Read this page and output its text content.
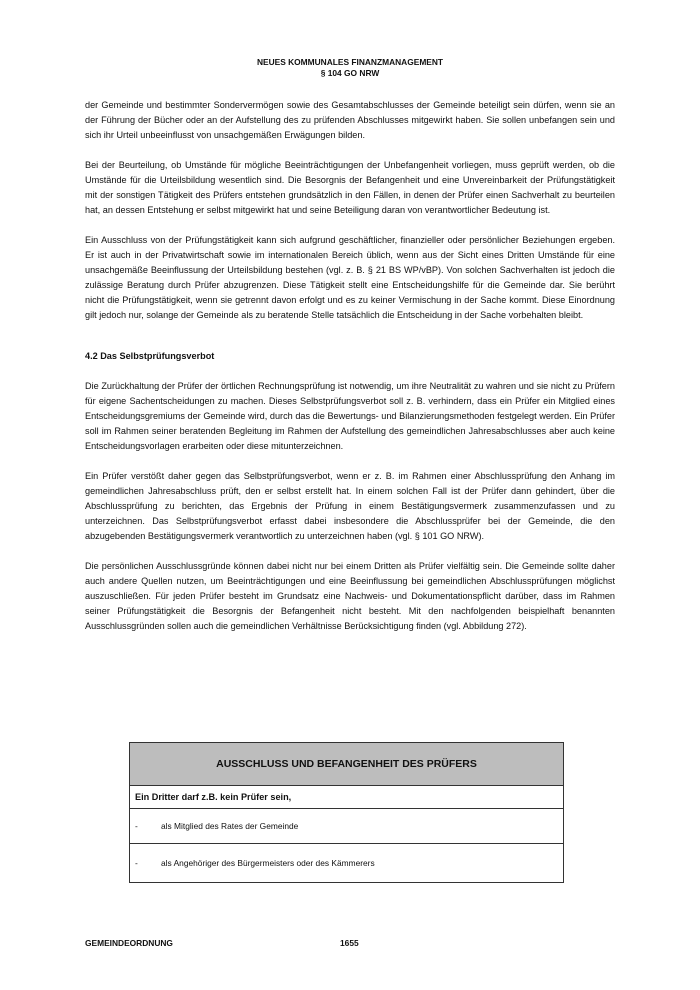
NEUES KOMMUNALES FINANZMANAGEMENT
§ 104 GO NRW

der Gemeinde und bestimmter Sondervermögen sowie des Gesamtabschlusses der Gemeinde beteiligt sein dürfen, wenn sie an der Führung der Bücher oder an der Aufstellung des zu prüfenden Abschlusses mitgewirkt haben. Sie sollen unbefangen sein und sich ihr Urteil unbeeinflusst von unsachgemäßen Erwägungen bilden.

Bei der Beurteilung, ob Umstände für mögliche Beeinträchtigungen der Unbefangenheit vorliegen, muss geprüft werden, ob die Umstände für die Urteilsbildung wesentlich sind. Die Besorgnis der Befangenheit und eine Unvereinbarkeit der Prüfungstätigkeit mit der sonstigen Tätigkeit des Prüfers entstehen grundsätzlich in den Fällen, in denen der Prüfer einen Sachverhalt zu beurteilen hat, an dessen Entstehung er selbst mitgewirkt hat und seine Beteiligung daran von verantwortlicher Bedeutung ist.

Ein Ausschluss von der Prüfungstätigkeit kann sich aufgrund geschäftlicher, finanzieller oder persönlicher Beziehungen ergeben. Er ist auch in der Privatwirtschaft sowie im internationalen Bereich üblich, wenn aus der Sicht eines Dritten Umstände für eine unsachgemäße Beeinflussung der Urteilsbildung bestehen (vgl. z. B. § 21 BS WP/vBP). Von solchen Sachverhalten ist jedoch die zulässige Beratung durch Prüfer abzugrenzen. Diese Tätigkeit stellt eine Entscheidungshilfe für die Gemeinde dar. Sie berührt nicht die Prüfungstätigkeit, wenn sie getrennt davon erfolgt und es zu keiner Vermischung in der Sache kommt. Diese Einordnung gilt jedoch nur, solange der Gemeinde als zu beratende Stelle tatsächlich die Entscheidung in der Sache vorbehalten bleibt.

4.2 Das Selbstprüfungsverbot

Die Zurückhaltung der Prüfer der örtlichen Rechnungsprüfung ist notwendig, um ihre Neutralität zu wahren und sie nicht zu Prüfern für eigene Sachentscheidungen zu machen. Dieses Selbstprüfungsverbot soll z. B. verhindern, dass ein Prüfer ein Mitglied eines Entscheidungsgremiums der Gemeinde wird, durch das die Bewertungs- und Bilanzierungsmethoden festgelegt werden. Ein Prüfer soll im Rahmen seiner beratenden Begleitung im Rahmen der Aufstellung des gemeindlichen Jahresabschlusses aber auch keine Entscheidungsvorlagen erarbeiten oder diese mitunterzeichnen.

Ein Prüfer verstößt daher gegen das Selbstprüfungsverbot, wenn er z. B. im Rahmen einer Abschlussprüfung den Anhang im gemeindlichen Jahresabschluss prüft, den er selbst erstellt hat. In einem solchen Fall ist der Prüfer dann gehindert, über die Abschlussprüfung zu berichten, das Ergebnis der Prüfung in einem Bestätigungsvermerk zusammenzufassen und zu unterzeichnen. Das Selbstprüfungsverbot erfasst dabei insbesondere die Abschlussprüfer bei der Gemeinde, die den abzugebenden Bestätigungsvermerk verantwortlich zu unterzeichnen haben (vgl. § 101 GO NRW).

Die persönlichen Ausschlussgründe können dabei nicht nur bei einem Dritten als Prüfer vielfältig sein. Die Gemeinde sollte daher auch andere Quellen nutzen, um Beeinträchtigungen und eine Beeinflussung bei gemeindlichen Abschlussprüfungen möglichst auszuschließen. Für jeden Prüfer besteht im Grundsatz eine Nachweis- und Dokumentationspflicht darüber, dass im Rahmen seiner Prüfungstätigkeit die Besorgnis der Befangenheit nicht besteht. Mit den nachfolgenden beispielhaft benannten Ausschlussgründen sollen auch die gemeindlichen Verhältnisse Berücksichtigung finden (vgl. Abbildung 272).

AUSSCHLUSS UND BEFANGENHEIT DES PRÜFERS
Ein Dritter darf z.B. kein Prüfer sein,
-	als Mitglied des Rates der Gemeinde
-	als Angehöriger des Bürgermeisters oder des Kämmerers
GEMEINDEORDNUNG	1655
